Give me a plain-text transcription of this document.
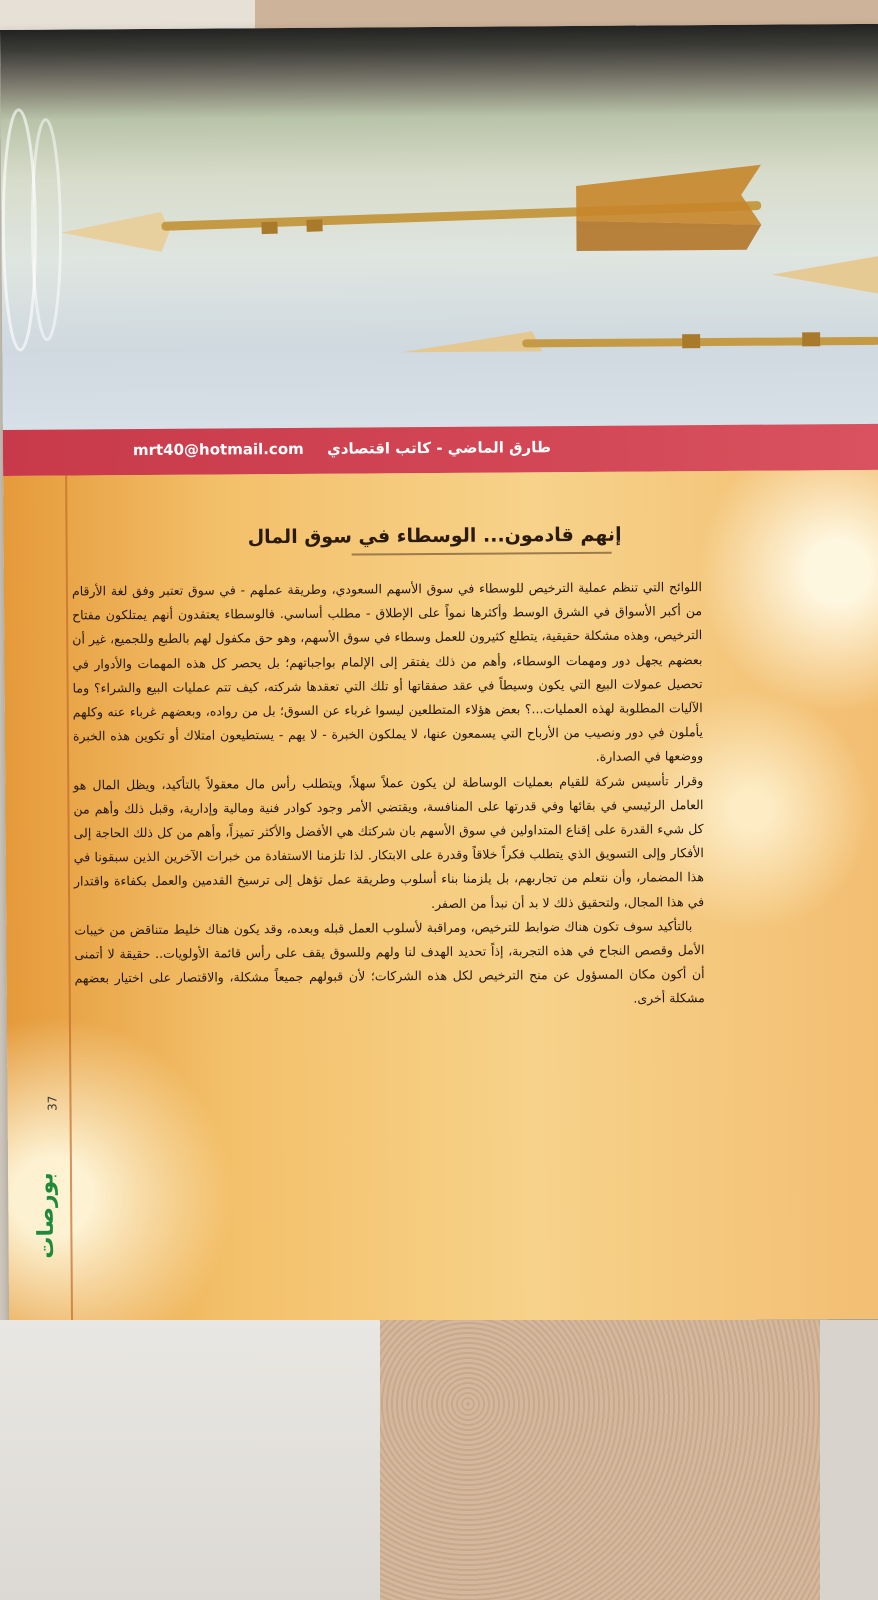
طارق الماضي - كاتب اقتصادي
mrt40@hotmail.com
37
بورصات
إنهم قادمون... الوسطاء في سوق المال

اللوائح التي تنظم عملية الترخيص للوسطاء في سوق الأسهم السعودي، وطريقة عملهم - في سوق تعتبر وفق لغة الأرقام من أكبر الأسواق في الشرق الوسط وأكثرها نمواً على الإطلاق - مطلب أساسي. فالوسطاء يعتقدون أنهم يمتلكون مفتاح الترخيص، وهذه مشكلة حقيقية، يتطلع كثيرون للعمل وسطاء في سوق الأسهم، وهو حق مكفول لهم بالطبع وللجميع، غير أن بعضهم يجهل دور ومهمات الوسطاء، وأهم من ذلك يفتقر إلى الإلمام بواجباتهم؛ بل يحصر كل هذه المهمات والأدوار في تحصيل عمولات البيع التي يكون وسيطاً في عقد صفقاتها أو تلك التي تعقدها شركته، كيف تتم عمليات البيع والشراء؟ وما الآليات المطلوبة لهذه العمليات...؟ بعض هؤلاء المتطلعين ليسوا غرباء عن السوق؛ بل من رواده، وبعضهم غرباء عنه وكلهم يأملون في دور ونصيب من الأرباح التي يسمعون عنها، لا يملكون الخبرة - لا يهم - يستطيعون امتلاك أو تكوين هذه الخبرة ووضعها في الصدارة.

وقرار تأسيس شركة للقيام بعمليات الوساطة لن يكون عملاً سهلاً، ويتطلب رأس مال معقولاً بالتأكيد، ويظل المال هو العامل الرئيسي في بقائها وفي قدرتها على المنافسة، ويقتضي الأمر وجود كوادر فنية ومالية وإدارية، وقبل ذلك وأهم من كل شيء القدرة على إقناع المتداولين في سوق الأسهم بان شركتك هي الأفضل والأكثر تميزاً، وأهم من كل ذلك الحاجة إلى الأفكار وإلى التسويق الذي يتطلب فكراً خلاقاً وقدرة على الابتكار. لذا تلزمنا الاستفادة من خبرات الآخرين الذين سبقونا في هذا المضمار، وأن نتعلم من تجاربهم، بل يلزمنا بناء أسلوب وطريقة عمل تؤهل إلى ترسيخ القدمين والعمل بكفاءة واقتدار في هذا المجال، ولتحقيق ذلك لا بد أن نبدأ من الصفر.

بالتأكيد سوف تكون هناك ضوابط للترخيص، ومراقبة لأسلوب العمل قبله وبعده، وقد يكون هناك خليط متناقض من خيبات الأمل وقصص النجاح في هذه التجربة، إذاً تحديد الهدف لنا ولهم وللسوق يقف على رأس قائمة الأولويات.. حقيقة لا أتمنى أن أكون مكان المسؤول عن منح الترخيص لكل هذه الشركات؛ لأن قبولهم جميعاً مشكلة، والاقتصار على اختيار بعضهم مشكلة أخرى.
